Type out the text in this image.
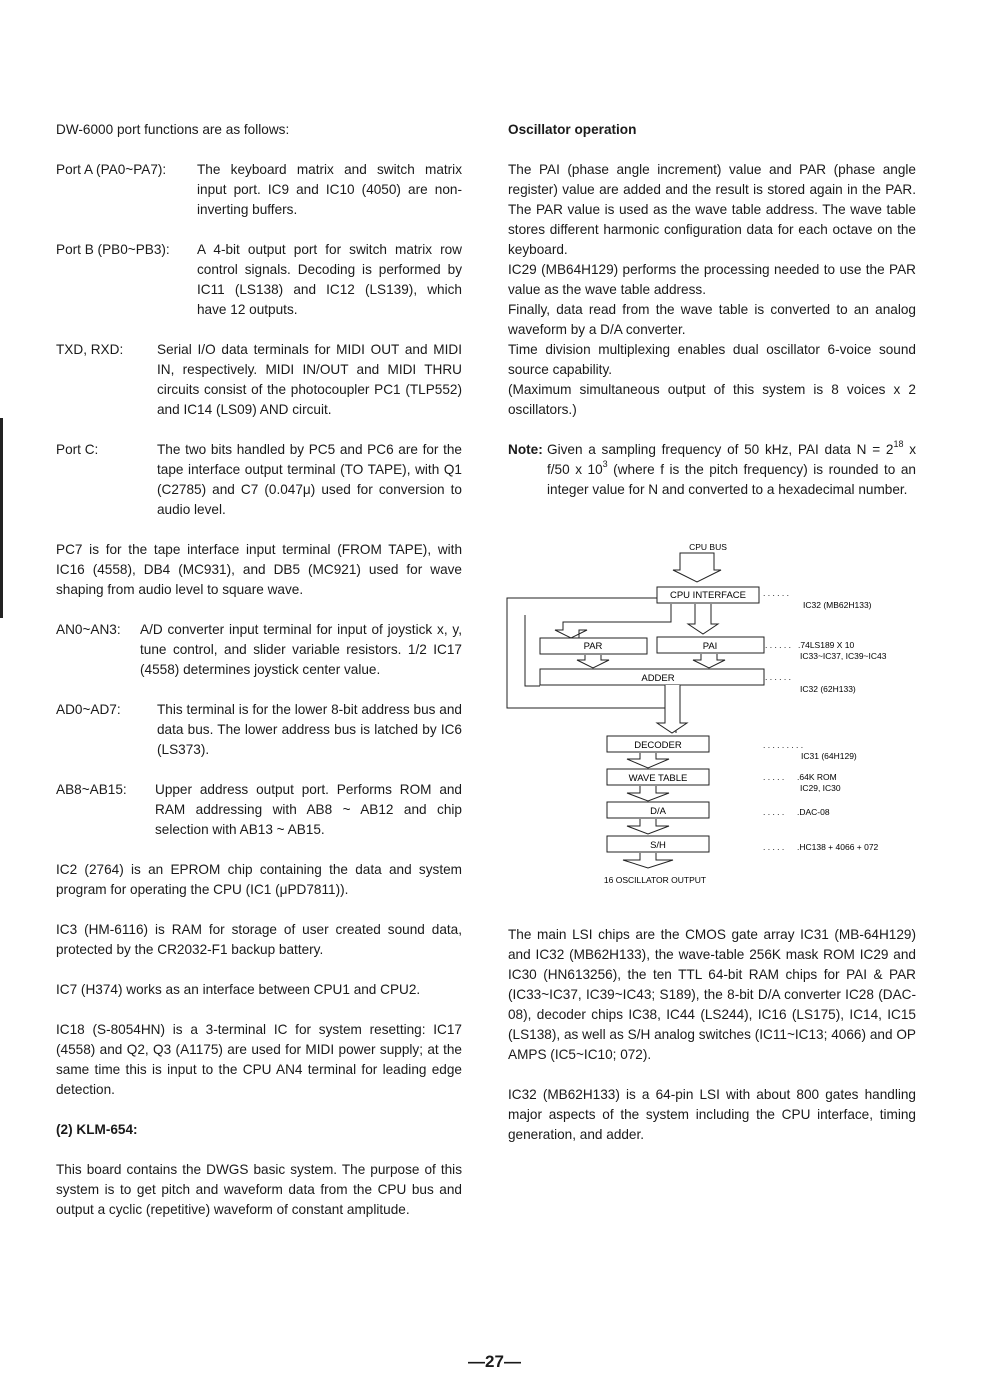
DW-6000 port functions are as follows:

Port A (PA0~PA7):	The keyboard matrix and switch matrix input port. IC9 and IC10 (4050) are non-inverting buffers.
Port B (PB0~PB3):	A 4-bit output port for switch matrix row control signals. Decoding is performed by IC11 (LS138) and IC12 (LS139), which have 12 outputs.
TXD, RXD:	Serial I/O data terminals for MIDI OUT and MIDI IN, respectively. MIDI IN/OUT and MIDI THRU circuits consist of the photocoupler PC1 (TLP552) and IC14 (LS09) AND circuit.
Port C:	The two bits handled by PC5 and PC6 are for the tape interface output terminal (TO TAPE), with Q1 (C2785) and C7 (0.047μ) used for conversion to audio level.

PC7 is for the tape interface input terminal (FROM TAPE), with IC16 (4558), DB4 (MC931), and DB5 (MC921) used for wave shaping from audio level to square wave.

AN0~AN3:	A/D converter input terminal for input of joystick x, y, tune control, and slider variable resistors. 1/2 IC17 (4558) determines joystick center value.
AD0~AD7:	This terminal is for the lower 8-bit address bus and data bus. The lower address bus is latched by IC6 (LS373).
AB8~AB15:	Upper address output port. Performs ROM and RAM addressing with AB8 ~ AB12 and chip selection with AB13 ~ AB15.

IC2 (2764) is an EPROM chip containing the data and system program for operating the CPU (IC1 (μPD7811)).

IC3 (HM-6116) is RAM for storage of user created sound data, protected by the CR2032-F1 backup battery.

IC7 (H374) works as an interface between CPU1 and CPU2.

IC18 (S-8054HN) is a 3-terminal IC for system resetting: IC17 (4558) and Q2, Q3 (A1175) are used for MIDI power supply; at the same time this is input to the CPU AN4 terminal for leading edge detection.

(2) KLM-654:

This board contains the DWGS basic system. The purpose of this system is to get pitch and waveform data from the CPU bus and output a cyclic (repetitive) waveform of constant amplitude.

Oscillator operation

The PAI (phase angle increment) value and PAR (phase angle register) value are added and the result is stored again in the PAR. The PAR value is used as the wave table address. The wave table stores different harmonic configuration data for each octave on the keyboard.

IC29 (MB64H129) performs the processing needed to use the PAR value as the wave table address.

Finally, data read from the wave table is converted to an analog waveform by a D/A converter.

Time division multiplexing enables dual oscillator 6-voice sound source capability.

(Maximum simultaneous output of this system is 8 voices x 2 oscillators.)

Note: Given a sampling frequency of 50 kHz, PAI data $N = 2^{18}$ x f/50 x $10^3$ (where f is the pitch frequency) is rounded to an integer value for N and converted to a hexadecimal number.
CPU BUS
CPU INTERFACE
PAR	PAI
ADDER
DECODER
WAVE TABLE
D/A
S/H
16 OSCILLATOR OUTPUT
. . . . . .
IC32 (MB62H133)
. . . . . . .74LS189 X 10
IC33~IC37, IC39~IC43
. . . . . .
IC32 (62H133)
. . . . . . . . .
IC31 (64H129)
. . . . . .64K ROM
IC29, IC30
. . . . . .DAC-08
. . . . . .HC138 + 4066 + 072

The main LSI chips are the CMOS gate array IC31 (MB-64H129) and IC32 (MB62H133), the wave-table 256K mask ROM IC29 and IC30 (HN613256), the ten TTL 64-bit RAM chips for PAI & PAR (IC33~IC37, IC39~IC43; S189), the 8-bit D/A converter IC28 (DAC-08), decoder chips IC38, IC44 (LS244), IC16 (LS175), IC14, IC15 (LS138), as well as S/H analog switches (IC11~IC13; 4066) and OP AMPS (IC5~IC10; 072).

IC32 (MB62H133) is a 64-pin LSI with about 800 gates handling major aspects of the system including the CPU interface, timing generation, and adder.

—27—
